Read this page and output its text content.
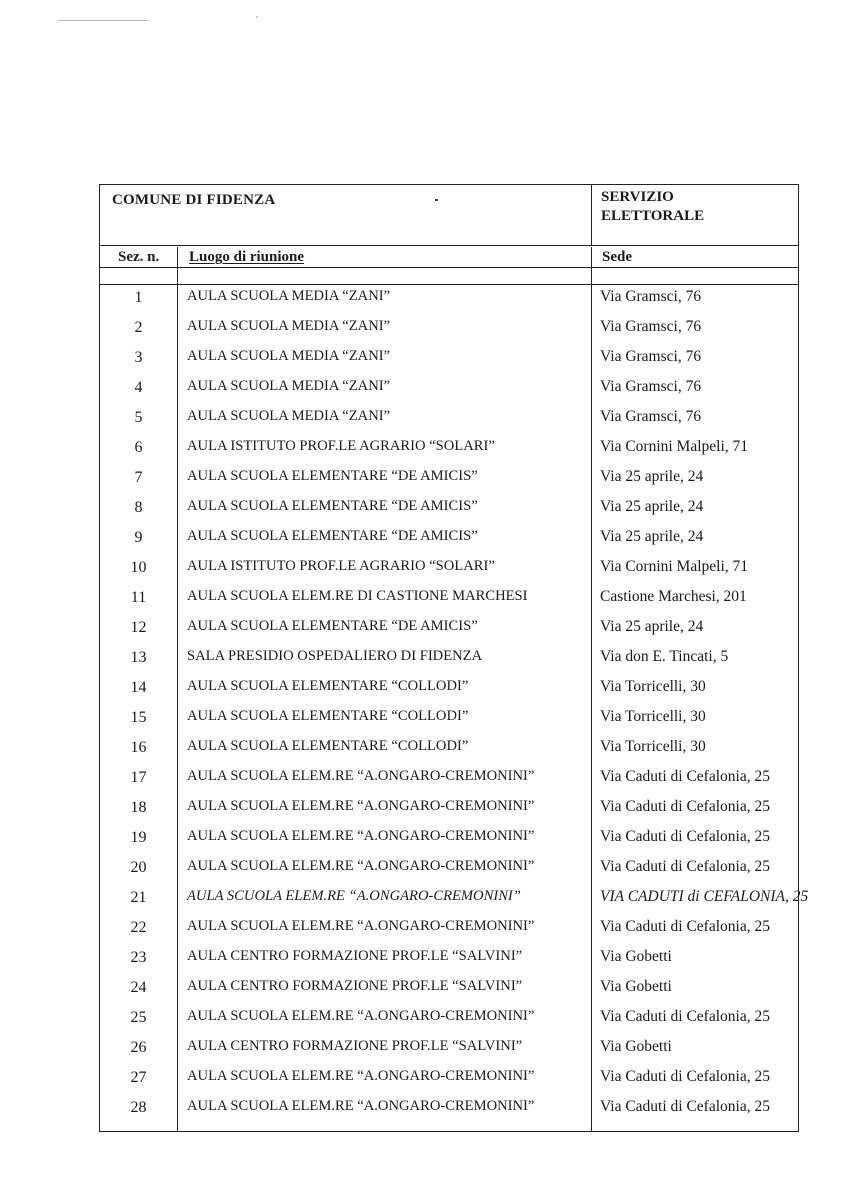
COMUNE DI FIDENZA	SERVIZIO
ELETTORALE
Sez. n. Luogo di riunione	Sede
1	AULA SCUOLA MEDIA “ZANI”	Via Gramsci, 76
2	AULA SCUOLA MEDIA “ZANI”	Via Gramsci, 76
3	AULA SCUOLA MEDIA “ZANI”	Via Gramsci, 76
4	AULA SCUOLA MEDIA “ZANI”	Via Gramsci, 76
5	AULA SCUOLA MEDIA “ZANI”	Via Gramsci, 76
6	AULA ISTITUTO PROF.LE AGRARIO “SOLARI”	Via Cornini Malpeli, 71
7	AULA SCUOLA ELEMENTARE “DE AMICIS”	Via 25 aprile, 24
8	AULA SCUOLA ELEMENTARE “DE AMICIS”	Via 25 aprile, 24
9	AULA SCUOLA ELEMENTARE “DE AMICIS”	Via 25 aprile, 24
10	AULA ISTITUTO PROF.LE AGRARIO “SOLARI”	Via Cornini Malpeli, 71
11	AULA SCUOLA ELEM.RE DI CASTIONE MARCHESI	Castione Marchesi, 201
12	AULA SCUOLA ELEMENTARE “DE AMICIS”	Via 25 aprile, 24
13	SALA PRESIDIO OSPEDALIERO DI FIDENZA	Via don E. Tincati, 5
14	AULA SCUOLA ELEMENTARE “COLLODI”	Via Torricelli, 30
15	AULA SCUOLA ELEMENTARE “COLLODI”	Via Torricelli, 30
16	AULA SCUOLA ELEMENTARE “COLLODI”	Via Torricelli, 30
17	AULA SCUOLA ELEM.RE “A.ONGARO-CREMONINI”	Via Caduti di Cefalonia, 25
18	AULA SCUOLA ELEM.RE “A.ONGARO-CREMONINI”	Via Caduti di Cefalonia, 25
19	AULA SCUOLA ELEM.RE “A.ONGARO-CREMONINI”	Via Caduti di Cefalonia, 25
20	AULA SCUOLA ELEM.RE “A.ONGARO-CREMONINI”	Via Caduti di Cefalonia, 25
21	AULA SCUOLA ELEM.RE “A.ONGARO-CREMONINI”	VIA CADUTI di CEFALONIA, 25
22	AULA SCUOLA ELEM.RE “A.ONGARO-CREMONINI”	Via Caduti di Cefalonia, 25
23	AULA CENTRO FORMAZIONE PROF.LE “SALVINI”	Via Gobetti
24	AULA CENTRO FORMAZIONE PROF.LE “SALVINI”	Via Gobetti
25	AULA SCUOLA ELEM.RE “A.ONGARO-CREMONINI”	Via Caduti di Cefalonia, 25
26	AULA CENTRO FORMAZIONE PROF.LE “SALVINI”	Via Gobetti
27	AULA SCUOLA ELEM.RE “A.ONGARO-CREMONINI”	Via Caduti di Cefalonia, 25
28	AULA SCUOLA ELEM.RE “A.ONGARO-CREMONINI”	Via Caduti di Cefalonia, 25
